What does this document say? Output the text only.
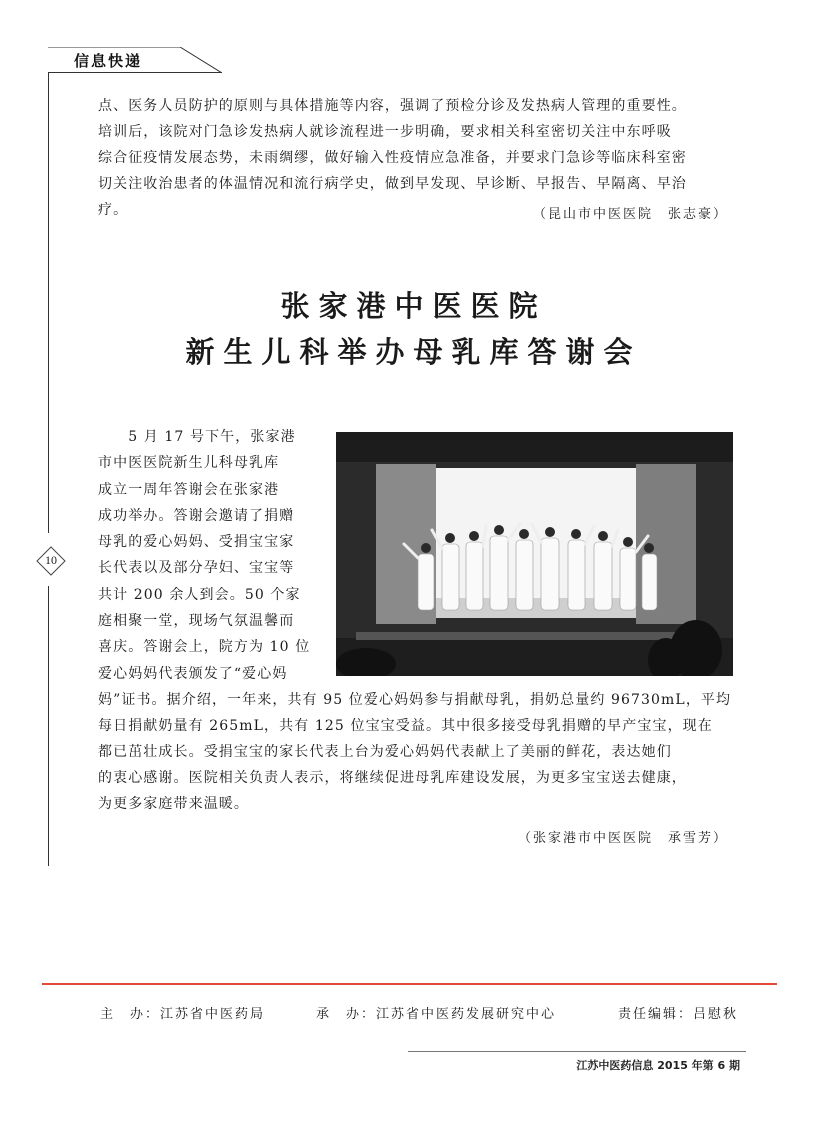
信息快递
10
点、医务人员防护的原则与具体措施等内容，强调了预检分诊及发热病人管理的重要性。
培训后，该院对门急诊发热病人就诊流程进一步明确，要求相关科室密切关注中东呼吸
综合征疫情发展态势，未雨绸缪，做好输入性疫情应急准备，并要求门急诊等临床科室密
切关注收治患者的体温情况和流行病学史，做到早发现、早诊断、早报告、早隔离、早治
疗。	（昆山市中医医院　张志豪）
张家港中医医院
新生儿科举办母乳库答谢会
　　5 月 17 号下午，张家港
市中医医院新生儿科母乳库
成立一周年答谢会在张家港
成功举办。答谢会邀请了捐赠
母乳的爱心妈妈、受捐宝宝家
长代表以及部分孕妇、宝宝等
共计 200 余人到会。50 个家
庭相聚一堂，现场气氛温馨而
喜庆。答谢会上，院方为 10 位
爱心妈妈代表颁发了“爱心妈
妈”证书。据介绍，一年来，共有 95 位爱心妈妈参与捐献母乳，捐奶总量约 96730mL，平均
每日捐献奶量有 265mL，共有 125 位宝宝受益。其中很多接受母乳捐赠的早产宝宝，现在
都已茁壮成长。受捐宝宝的家长代表上台为爱心妈妈代表献上了美丽的鲜花，表达她们
的衷心感谢。医院相关负责人表示，将继续促进母乳库建设发展，为更多宝宝送去健康，
为更多家庭带来温暖。
（张家港市中医医院　承雪芳）
主　办：江苏省中医药局	承　办：江苏省中医药发展研究中心	责任编辑：吕慰秋
江苏中医药信息 2015 年第 6 期
